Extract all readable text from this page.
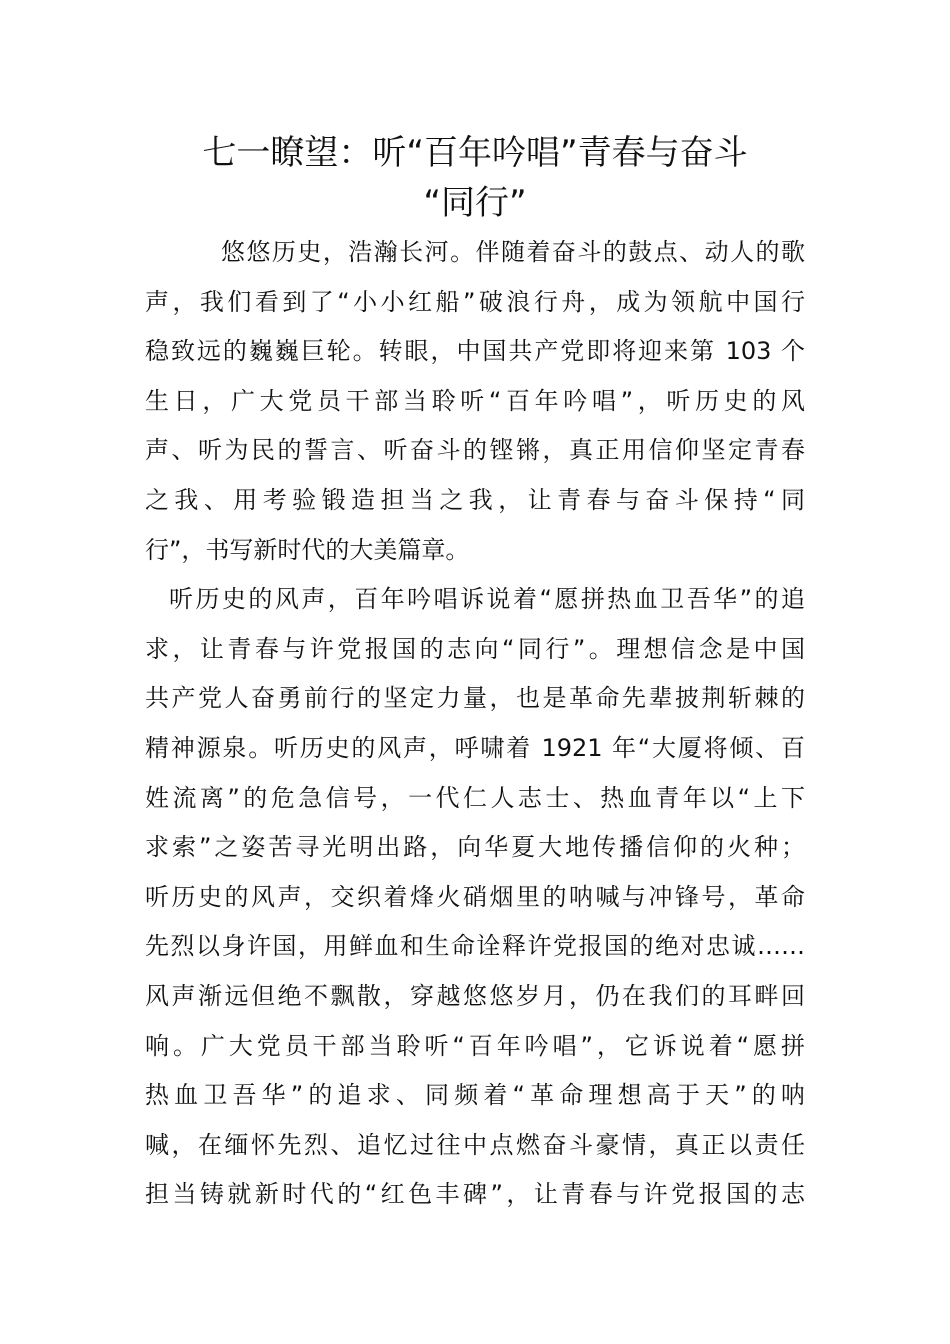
七一瞭望：听“百年吟唱”青春与奋斗
“同行”

悠悠历史，浩瀚长河。伴随着奋斗的鼓点、动人的歌
声，我们看到了“小小红船”破浪行舟，成为领航中国行
稳致远的巍巍巨轮。转眼，中国共产党即将迎来第 103 个
生日，广大党员干部当聆听“百年吟唱”，听历史的风
声、听为民的誓言、听奋斗的铿锵，真正用信仰坚定青春
之我、用考验锻造担当之我，让青春与奋斗保持“同
行”，书写新时代的大美篇章。

听历史的风声，百年吟唱诉说着“愿拼热血卫吾华”的追
求，让青春与许党报国的志向“同行”。理想信念是中国
共产党人奋勇前行的坚定力量，也是革命先辈披荆斩棘的
精神源泉。听历史的风声，呼啸着 1921 年“大厦将倾、百
姓流离”的危急信号，一代仁人志士、热血青年以“上下
求索”之姿苦寻光明出路，向华夏大地传播信仰的火种；
听历史的风声，交织着烽火硝烟里的呐喊与冲锋号，革命
先烈以身许国，用鲜血和生命诠释许党报国的绝对忠诚……
风声渐远但绝不飘散，穿越悠悠岁月，仍在我们的耳畔回
响。广大党员干部当聆听“百年吟唱”，它诉说着“愿拼
热血卫吾华”的追求、同频着“革命理想高于天”的呐
喊，在缅怀先烈、追忆过往中点燃奋斗豪情，真正以责任
担当铸就新时代的“红色丰碑”，让青春与许党报国的志
